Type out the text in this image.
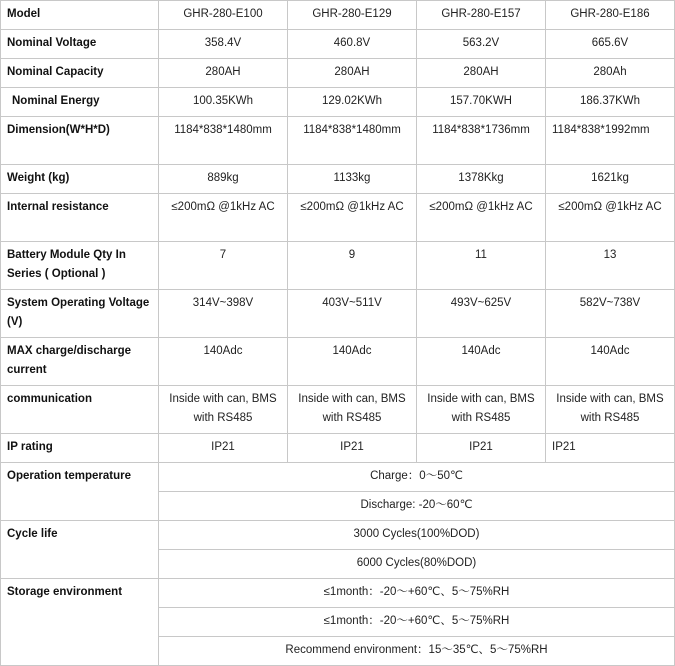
Model	GHR-280-E100	GHR-280-E129	GHR-280-E157	GHR-280-E186
Nominal Voltage	358.4V	460.8V	563.2V	665.6V
Nominal Capacity	280AH	280AH	280AH	280Ah
Nominal Energy	100.35KWh	129.02KWh	157.70KWH	186.37KWh
Dimension(W*H*D)	1184*838*1480mm	1184*838*1480mm	1184*838*1736mm	1184*838*1992mm
Weight (kg)	889kg	1133kg	1378Kkg	1621kg
Internal resistance	≤200mΩ @1kHz AC	≤200mΩ @1kHz AC	≤200mΩ @1kHz AC	≤200mΩ @1kHz AC
Battery Module Qty In Series ( Optional )	7	9	11	13
System Operating Voltage (V)	314V~398V	403V~511V	493V~625V	582V~738V
MAX charge/discharge current	140Adc	140Adc	140Adc	140Adc
communication	Inside with can, BMS with RS485	Inside with can, BMS with RS485	Inside with can, BMS with RS485	Inside with can, BMS with RS485
IP rating	IP21	IP21	IP21	IP21
Operation temperature	Charge：0～50℃			
	Discharge: -20～60℃			
Cycle life	3000 Cycles(100%DOD)			
	6000 Cycles(80%DOD)			
Storage environment	≤1month：-20～+60℃、5～75%RH			
	≤1month：-20～+60℃、5～75%RH			
	Recommend environment：15～35℃、5～75%RH			
